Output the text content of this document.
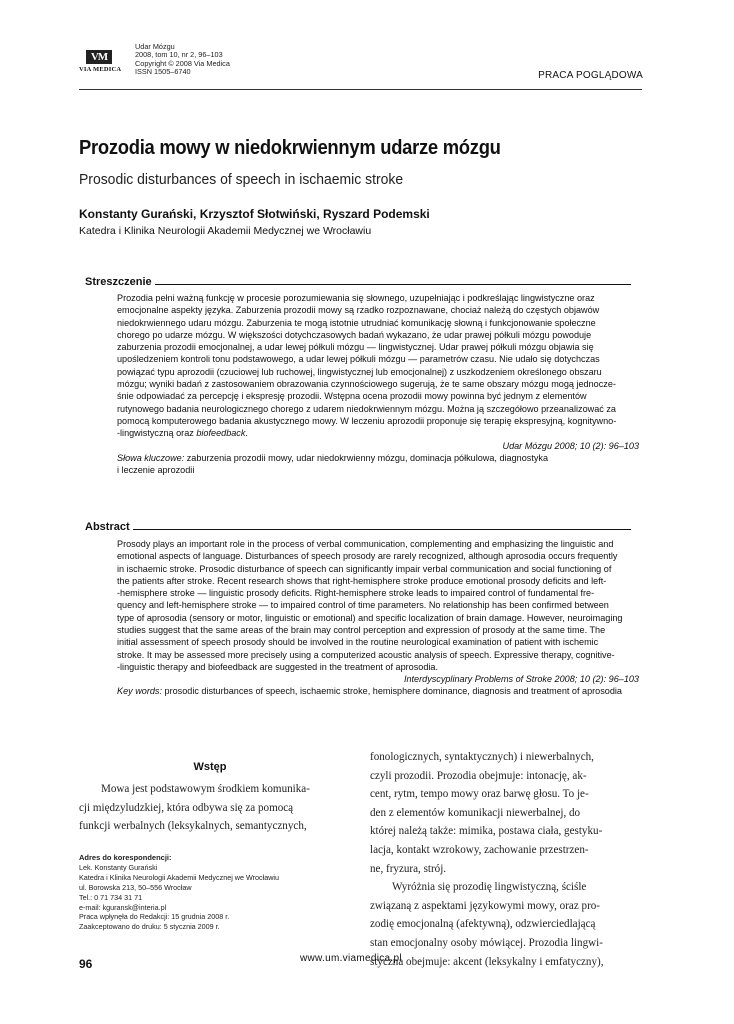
VM
VIA MEDICA
Udar Mózgu
2008, tom 10, nr 2, 96–103
Copyright © 2008 Via Medica
ISSN 1505–6740	PRACA POGLĄDOWA
Prozodia mowy w niedokrwiennym udarze mózgu
Prosodic disturbances of speech in ischaemic stroke
Konstanty Gurański, Krzysztof Słotwiński, Ryszard Podemski
Katedra i Klinika Neurologii Akademii Medycznej we Wrocławiu
Streszczenie
Prozodia pełni ważną funkcję w procesie porozumiewania się słownego, uzupełniając i podkreślając lingwistyczne oraz
emocjonalne aspekty języka. Zaburzenia prozodii mowy są rzadko rozpoznawane, chociaż należą do częstych objawów
niedokrwiennego udaru mózgu. Zaburzenia te mogą istotnie utrudniać komunikację słowną i funkcjonowanie społeczne
chorego po udarze mózgu. W większości dotychczasowych badań wykazano, że udar prawej półkuli mózgu powoduje
zaburzenia prozodii emocjonalnej, a udar lewej półkuli mózgu — lingwistycznej. Udar prawej półkuli mózgu objawia się
upośledzeniem kontroli tonu podstawowego, a udar lewej półkuli mózgu — parametrów czasu. Nie udało się dotychczas
powiązać typu aprozodii (czuciowej lub ruchowej, lingwistycznej lub emocjonalnej) z uszkodzeniem określonego obszaru
mózgu; wyniki badań z zastosowaniem obrazowania czynnościowego sugerują, że te same obszary mózgu mogą jednocze-
śnie odpowiadać za percepcję i ekspresję prozodii. Wstępna ocena prozodii mowy powinna być jednym z elementów
rutynowego badania neurologicznego chorego z udarem niedokrwiennym mózgu. Można ją szczegółowo przeanalizować za
pomocą komputerowego badania akustycznego mowy. W leczeniu aprozodii proponuje się terapię ekspresyjną, kognitywno-
-lingwistyczną oraz biofeedback.
Udar Mózgu 2008; 10 (2): 96–103
Słowa kluczowe: zaburzenia prozodii mowy, udar niedokrwienny mózgu, dominacja półkulowa, diagnostyka
i leczenie aprozodii
Abstract
Prosody plays an important role in the process of verbal communication, complementing and emphasizing the linguistic and
emotional aspects of language. Disturbances of speech prosody are rarely recognized, although aprosodia occurs frequently
in ischaemic stroke. Prosodic disturbance of speech can significantly impair verbal communication and social functioning of
the patients after stroke. Recent research shows that right-hemisphere stroke produce emotional prosody deficits and left-
-hemisphere stroke — linguistic prosody deficits. Right-hemisphere stroke leads to impaired control of fundamental fre-
quency and left-hemisphere stroke — to impaired control of time parameters. No relationship has been confirmed between
type of aprosodia (sensory or motor, linguistic or emotional) and specific localization of brain damage. However, neuroimaging
studies suggest that the same areas of the brain may control perception and expression of prosody at the same time. The
initial assessment of speech prosody should be involved in the routine neurological examination of patient with ischemic
stroke. It may be assessed more precisely using a computerized acoustic analysis of speech. Expressive therapy, cognitive-
-linguistic therapy and biofeedback are suggested in the treatment of aprosodia.
Interdyscyplinary Problems of Stroke 2008; 10 (2): 96–103
Key words: prosodic disturbances of speech, ischaemic stroke, hemisphere dominance, diagnosis and treatment of aprosodia
Wstęp

Mowa jest podstawowym środkiem komunika-

cji międzyludzkiej, która odbywa się za pomocą

funkcji werbalnych (leksykalnych, semantycznych,

fonologicznych, syntaktycznych) i niewerbalnych,

czyli prozodii. Prozodia obejmuje: intonację, ak-

cent, rytm, tempo mowy oraz barwę głosu. To je-

den z elementów komunikacji niewerbalnej, do

której należą także: mimika, postawa ciała, gestyku-

lacja, kontakt wzrokowy, zachowanie przestrzen-

ne, fryzura, strój.

Wyróżnia się prozodię lingwistyczną, ściśle

związaną z aspektami językowymi mowy, oraz pro-

zodię emocjonalną (afektywną), odzwierciedlającą

stan emocjonalny osoby mówiącej. Prozodia lingwi-

styczna obejmuje: akcent (leksykalny i emfatyczny),

Adres do korespondencji:
Lek. Konstanty Gurański
Katedra i Klinika Neurologii Akademii Medycznej we Wrocławiu
ul. Borowska 213, 50–556 Wrocław
Tel.: 0 71 734 31 71
e-mail: kguransk@interia.pl
Praca wpłynęła do Redakcji: 15 grudnia 2008 r.
Zaakceptowano do druku: 5 stycznia 2009 r.
96	www.um.viamedica.pl
